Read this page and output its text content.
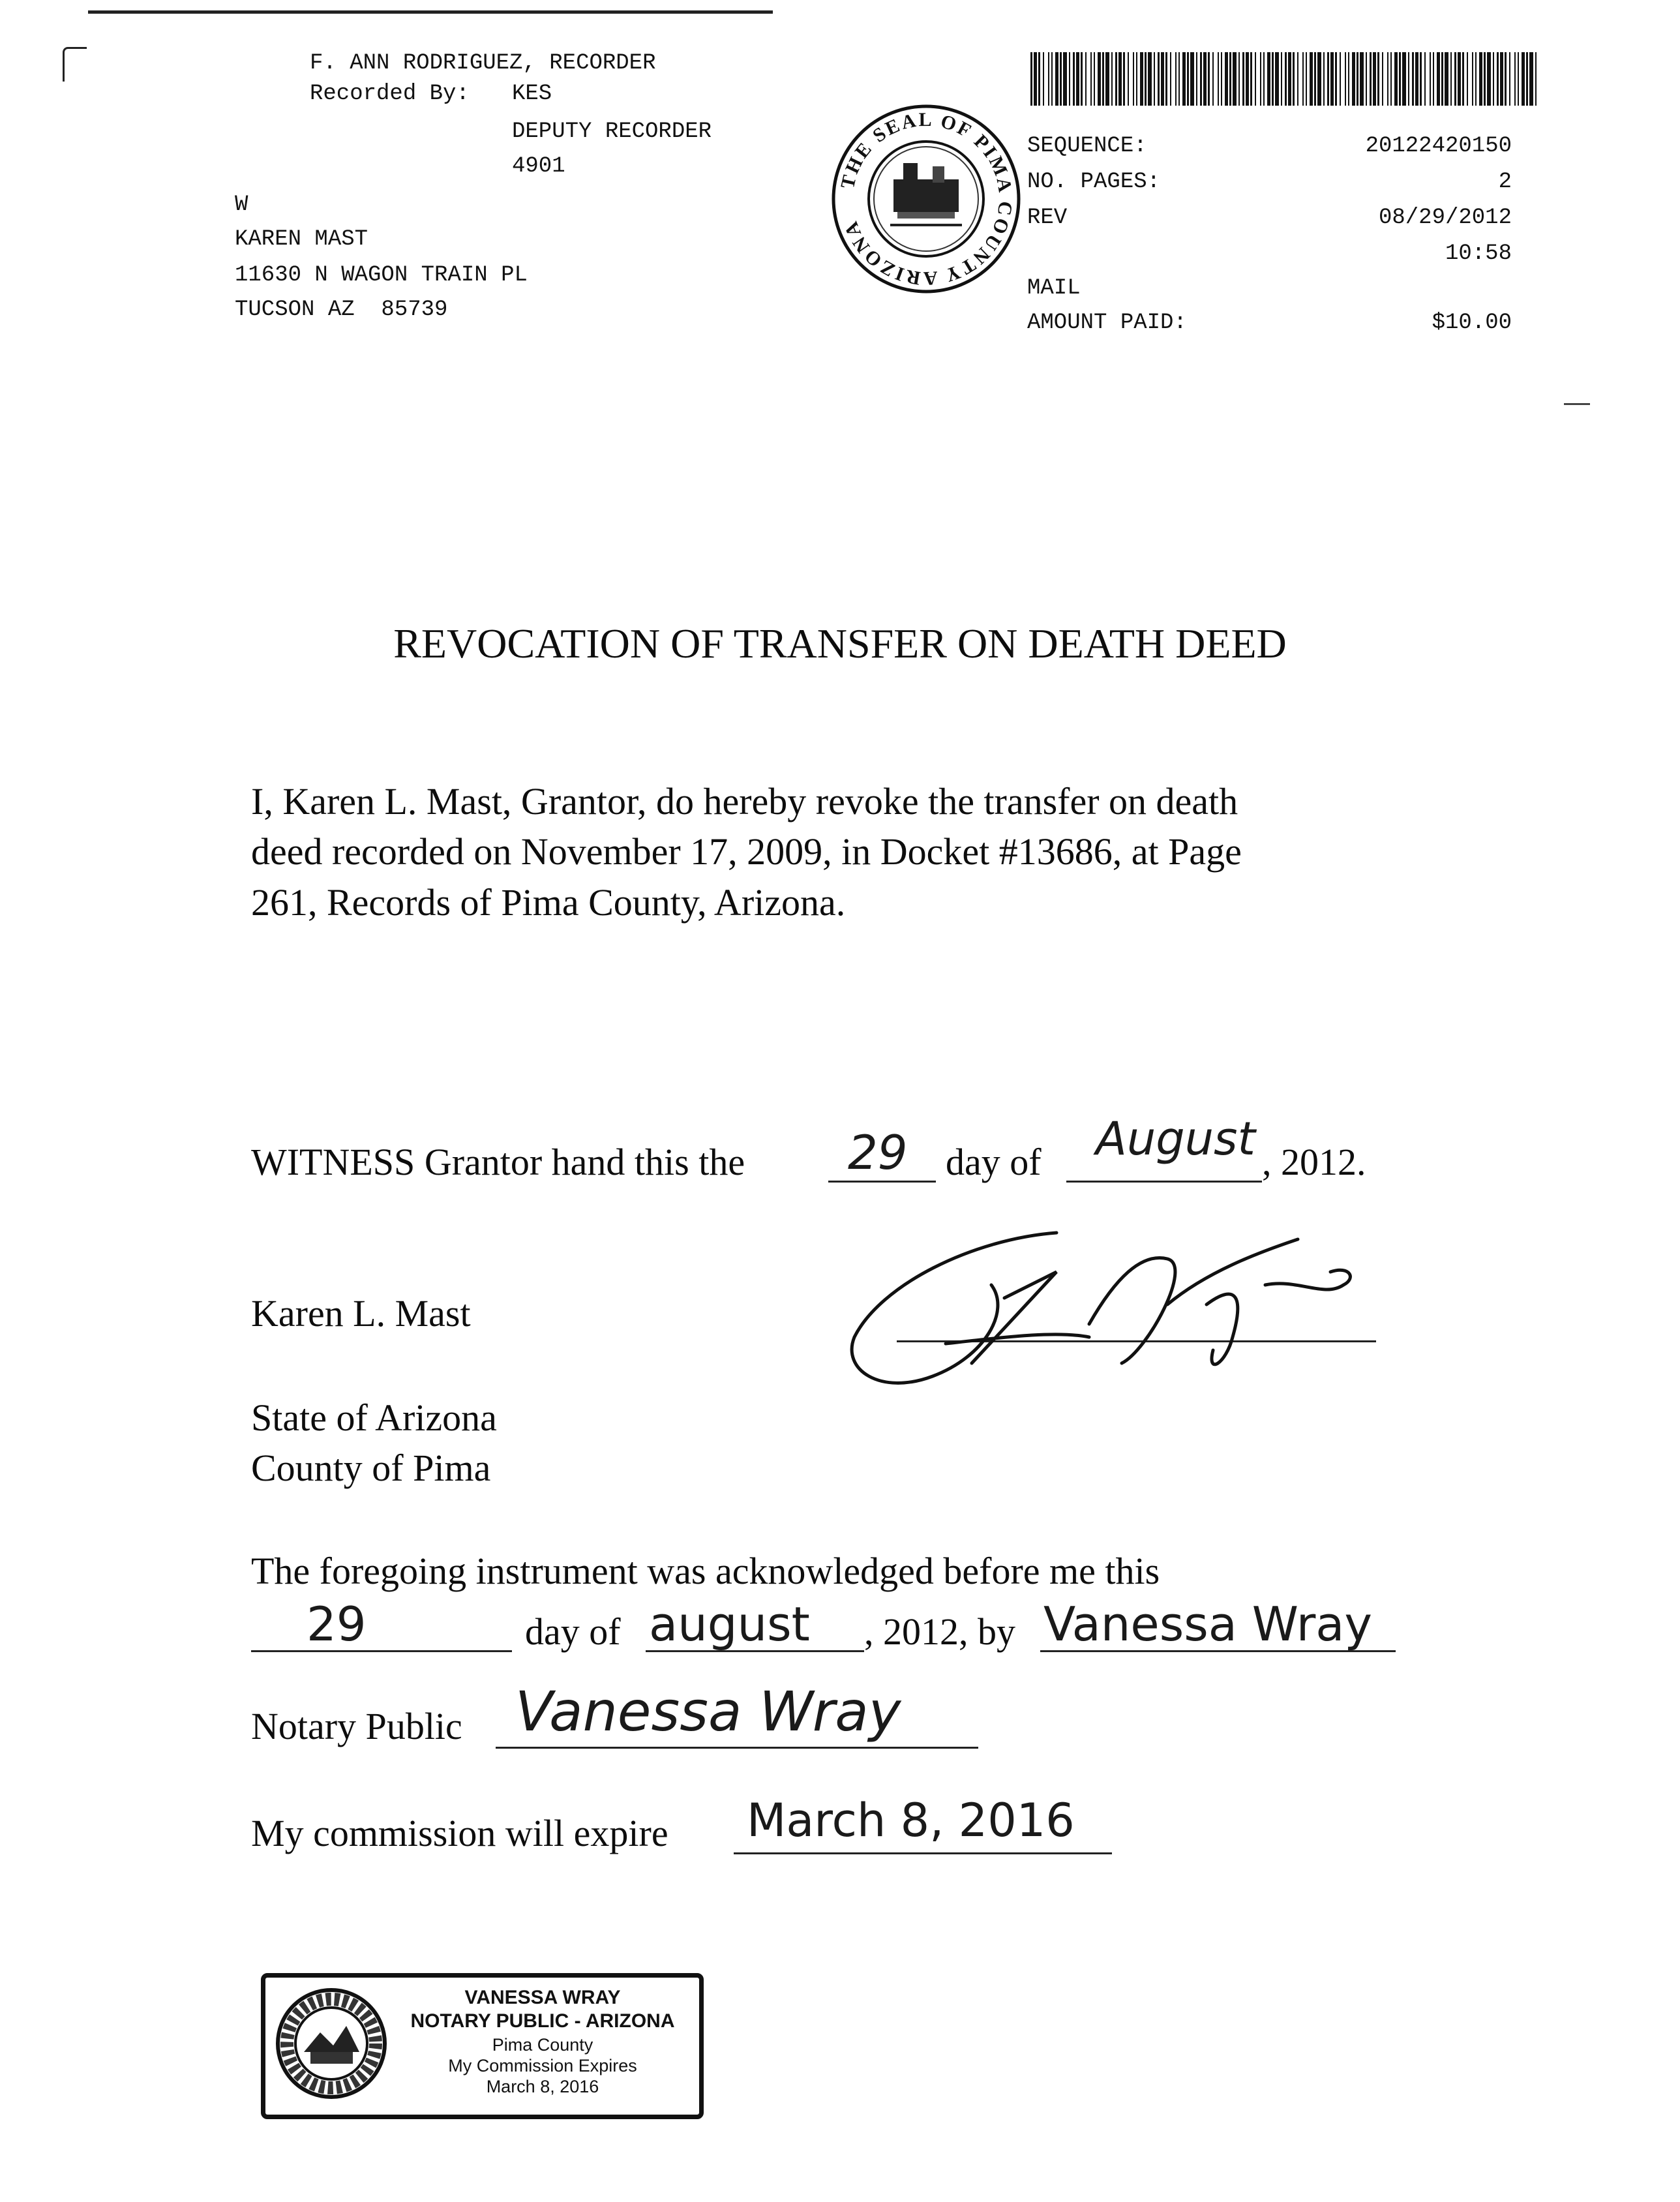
F. ANN RODRIGUEZ, RECORDER
Recorded By: KES
DEPUTY RECORDER
4901
W
KAREN MAST
11630 N WAGON TRAIN PL
TUCSON AZ  85739
THE SEAL OF PIMA COUNTY ARIZONA
SEQUENCE:	20122420150
NO. PAGES:	2
REV	08/29/2012
10:58
MAIL
AMOUNT PAID:	$10.00
REVOCATION OF TRANSFER ON DEATH DEED
I, Karen L. Mast, Grantor, do hereby revoke the transfer on death
deed recorded on November 17, 2009, in Docket #13686, at Page
261, Records of Pima County, Arizona.
WITNESS Grantor hand this the 29 day of August , 2012.
Karen L. Mast
State of Arizona
County of Pima
The foregoing instrument was acknowledged before me this
29	day of august , 2012, by Vanessa Wray
Notary Public Vanessa Wray
My commission will expire March 8, 2016
VANESSA WRAY
NOTARY PUBLIC - ARIZONA
Pima County
My Commission Expires
March 8, 2016
